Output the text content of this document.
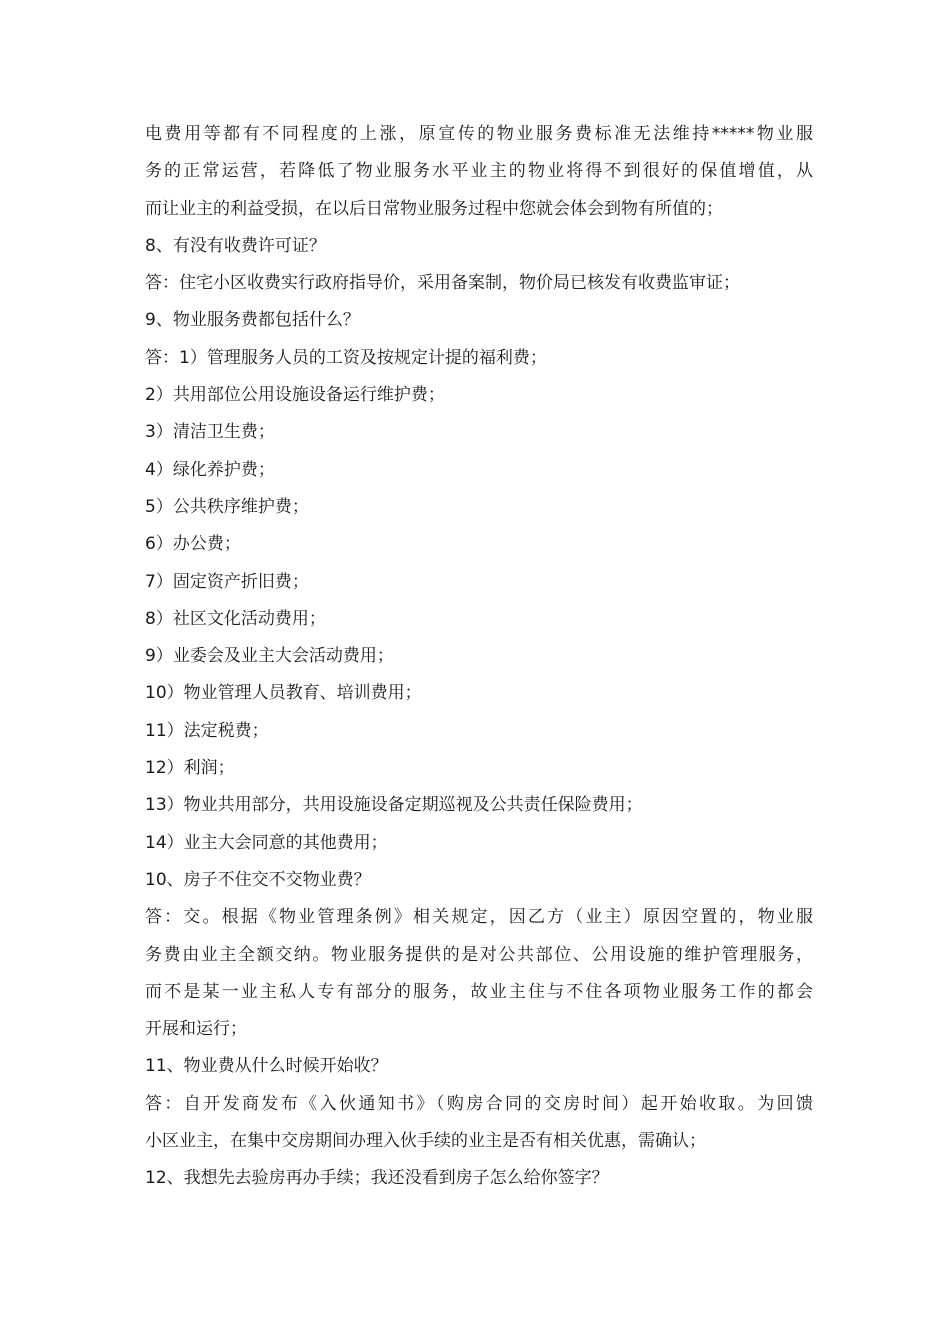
电费用等都有不同程度的上涨，原宣传的物业服务费标准无法维持*****物业服
务的正常运营，若降低了物业服务水平业主的物业将得不到很好的保值增值，从
而让业主的利益受损，在以后日常物业服务过程中您就会体会到物有所值的；
8、有没有收费许可证？
答：住宅小区收费实行政府指导价，采用备案制，物价局已核发有收费监审证；
9、物业服务费都包括什么？
答：1）管理服务人员的工资及按规定计提的福利费；
2）共用部位公用设施设备运行维护费；
3）清洁卫生费；
4）绿化养护费；
5）公共秩序维护费；
6）办公费；
7）固定资产折旧费；
8）社区文化活动费用；
9）业委会及业主大会活动费用；
10）物业管理人员教育、培训费用；
11）法定税费；
12）利润；
13）物业共用部分，共用设施设备定期巡视及公共责任保险费用；
14）业主大会同意的其他费用；
10、房子不住交不交物业费？
答：交。根据《物业管理条例》相关规定，因乙方（业主）原因空置的，物业服
务费由业主全额交纳。物业服务提供的是对公共部位、公用设施的维护管理服务，
而不是某一业主私人专有部分的服务，故业主住与不住各项物业服务工作的都会
开展和运行；
11、物业费从什么时候开始收？
答：自开发商发布《入伙通知书》（购房合同的交房时间）起开始收取。为回馈
小区业主，在集中交房期间办理入伙手续的业主是否有相关优惠，需确认；
12、我想先去验房再办手续；我还没看到房子怎么给你签字？
